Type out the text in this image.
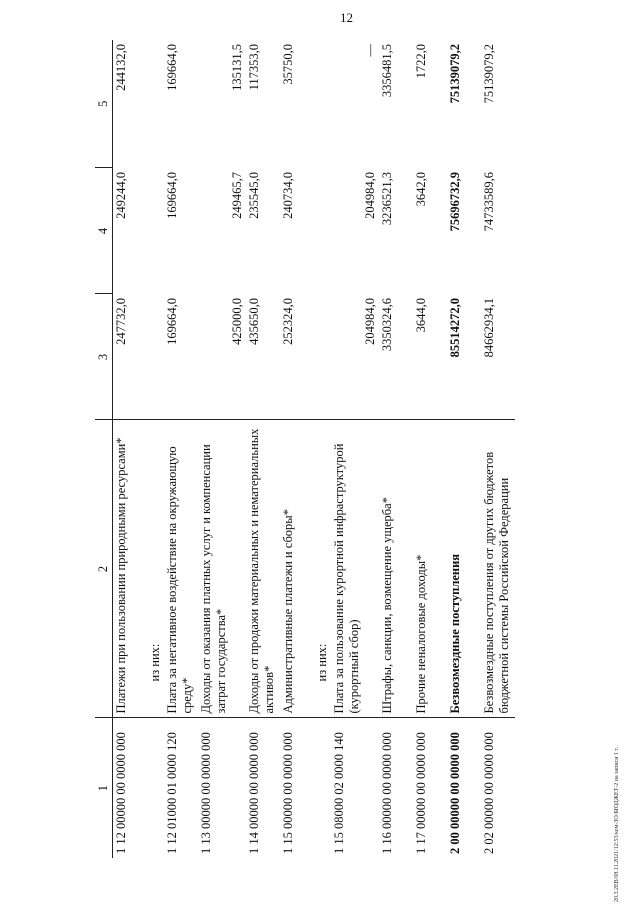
12
20.3.2ЕВ/08.11.2021/12:53/кем-ЗО/БЮДЖЕТ-2 на записи 1 т.
1	2	3	4	5
1 12 00000 00 0000 000	Платежи при пользовании природными ресурсами*	247732,0	249244,0	244132,0
	из них:			
1 12 01000 01 0000 120	Плата за негативное воздействие на окружающую среду*	169664,0	169664,0	169664,0
1 13 00000 00 0000 000	Доходы от оказания платных услуг и компенсации затрат государства*	425000,0	249465,7	135131,5
1 14 00000 00 0000 000	Доходы от продажи материальных и нематериальных активов*	435650,0	235545,0	117353,0
1 15 00000 00 0000 000	Административные платежи и сборы*	252324,0	240734,0	35750,0
	из них:			
1 15 08000 02 0000 140	Плата за пользование курортной инфраструктурой (курортный сбор)	204984,0	204984,0	—
1 16 00000 00 0000 000	Штрафы, санкции, возмещение ущерба*	3350324,6	3236521,3	3356481,5
1 17 00000 00 0000 000	Прочие неналоговые доходы*	3644,0	3642,0	1722,0
2 00 00000 00 0000 000	Безвозмездные поступления	85514272,0	75696732,9	75139079,2
2 02 00000 00 0000 000	Безвозмездные поступления от других бюджетов бюджетной системы Российской Федерации	84662934,1	74733589,6	75139079,2
